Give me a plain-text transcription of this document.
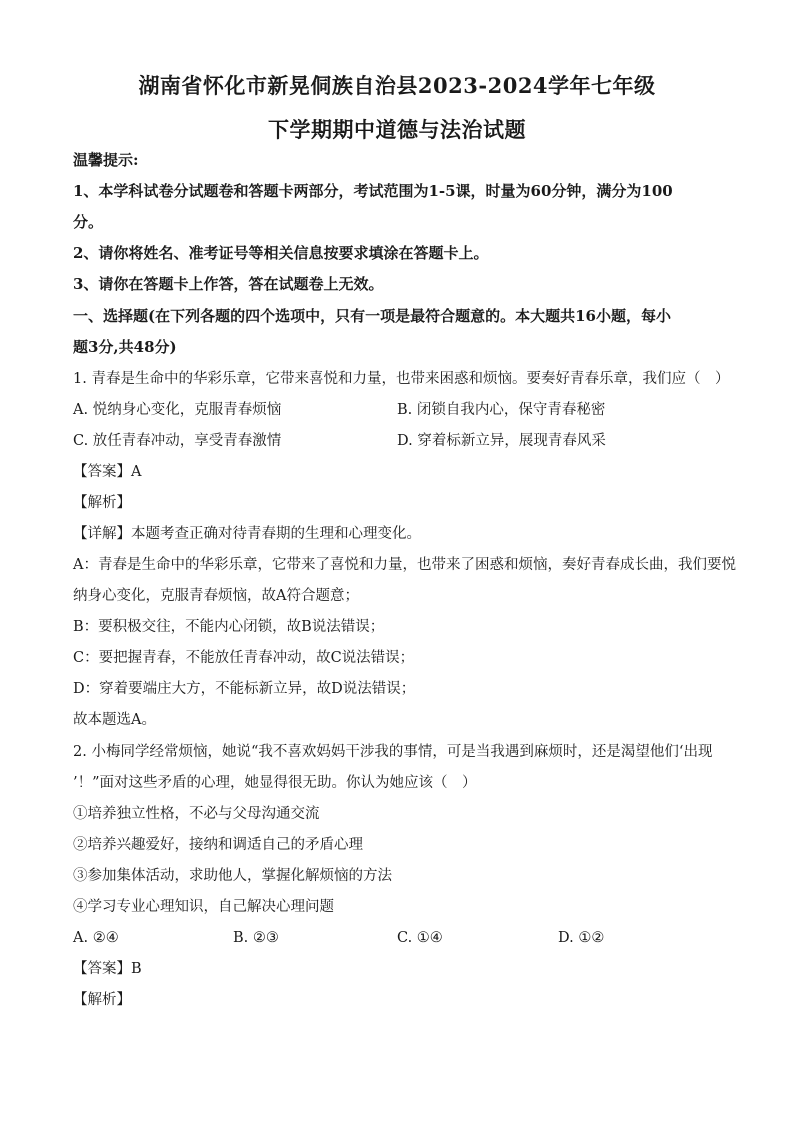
湖南省怀化市新晃侗族自治县2023-2024学年七年级
下学期期中道德与法治试题
温馨提示:
1、本学科试卷分试题卷和答题卡两部分，考试范围为1-5课，时量为60分钟，满分为100
分。
2、请你将姓名、准考证号等相关信息按要求填涂在答题卡上。
3、请你在答题卡上作答，答在试题卷上无效。
一、选择题(在下列各题的四个选项中，只有一项是最符合题意的。本大题共16小题，每小
题3分,共48分)
1. 青春是生命中的华彩乐章，它带来喜悦和力量，也带来困惑和烦恼。要奏好青春乐章，我们应（　）
A. 悦纳身心变化，克服青春烦恼	B. 闭锁自我内心，保守青春秘密
C. 放任青春冲动，享受青春激情	D. 穿着标新立异，展现青春风采
【答案】A
【解析】
【详解】本题考查正确对待青春期的生理和心理变化。
A：青春是生命中的华彩乐章，它带来了喜悦和力量，也带来了困惑和烦恼，奏好青春成长曲，我们要悦
纳身心变化，克服青春烦恼，故A符合题意；
B：要积极交往，不能内心闭锁，故B说法错误；
C：要把握青春，不能放任青春冲动，故C说法错误；
D：穿着要端庄大方，不能标新立异，故D说法错误；
故本题选A。
2. 小梅同学经常烦恼，她说“我不喜欢妈妈干涉我的事情，可是当我遇到麻烦时，还是渴望他们‘出现
’！”面对这些矛盾的心理，她显得很无助。你认为她应该（　）
①培养独立性格，不必与父母沟通交流
②培养兴趣爱好，接纳和调适自己的矛盾心理
③参加集体活动，求助他人，掌握化解烦恼的方法
④学习专业心理知识，自己解决心理问题
A. ②④	B. ②③	C. ①④	D. ①②
【答案】B
【解析】
